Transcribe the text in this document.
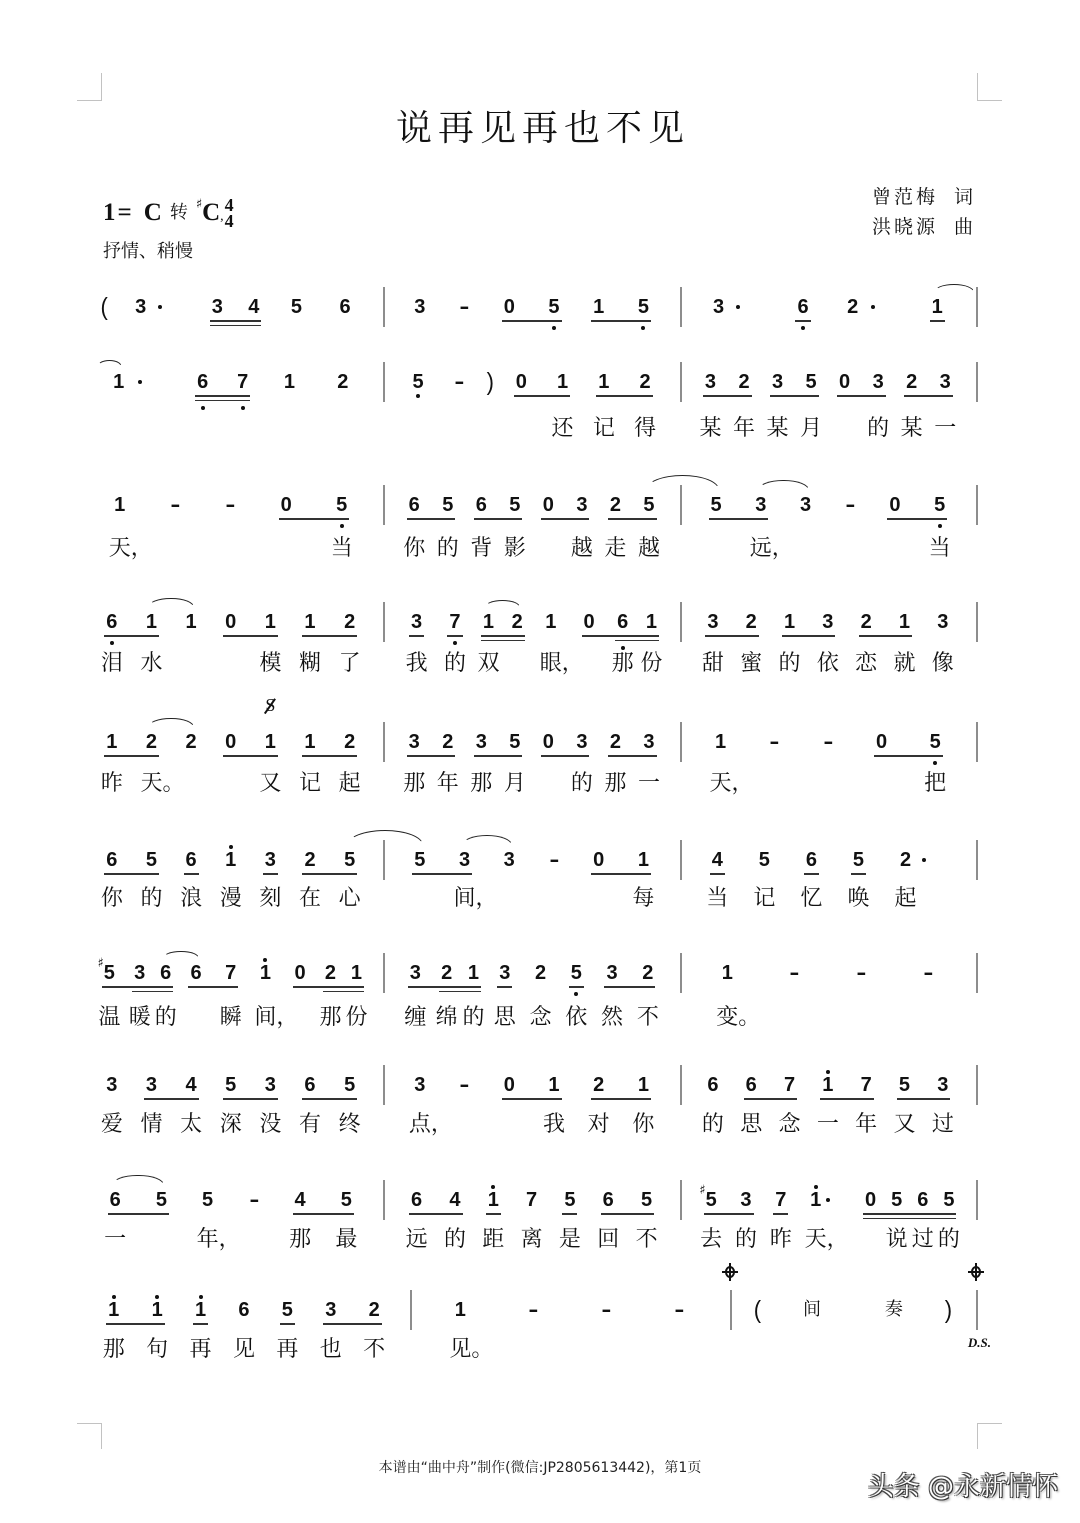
说再见再也不见
1= C 转 ♯ C ,
4
4
抒情、稍慢
曾范梅 词
洪晓源 曲
( 3	3 4 5 6	3 - 0 5 1 5	3	6 2	1
1	6 7 1 2	5 - ) 0 1
还
1
记
2
得
3
某
2
年
3
某
5
月
0 3
的
2
某
3
一
1
天，
- - 0 5
当
6
你
5
的
6
背
5
影
0 3
越
2
走
5
越
5 3
远，
3 - 0 5
当
6
泪
1
水
1 0 1
模
1
糊
2
了
3
我
7
的
1
双
2 1
眼，
0 6
那
1
份
3
甜
2
蜜
1
的
3
依
2
恋
1
就
3
像
1
昨
2
天。
2 0 1
S
又
1
记
2
起
3
那
2
年
3
那
5
月
0 3
的
2
那
3
一
1
天，
- - 0 5
把
6
你
5
的
6
浪
1
漫
3
刻
2
在
5
心
5 3
间，
3 - 0 1
每
4
当
5
记
6
忆
5
唤
2
起
5
♯
温
3
暖
6
的
6 7
瞬
1
间，
0 2
那
1
份
3
缠
2
绵
1
的
3
思
2
念
5
依
3
然
2
不
1
变。
-	-	-
3
爱
3
情
4
太
5
深
3
没
6
有
5
终
3
点，
- 0 1
我
2
对
1
你
6
的
6
思
7
念
1
一
7
年
5
又
3
过
6
一
5 5
年，
- 4
那
5
最
6
远
4
的
1
距
7
离
5
是
6
回
5
不
5
♯
去
3
的
7
昨
1
天，
0 5
说
6
过
5
的
1
那
1
句
1
再
6
见
5
再
3
也
2
不
1
见。
-	-	-	( 间	奏 )
D.S.
本谱由“曲中舟”制作(微信:JP2805613442)，第1页
头条 @永新情怀
